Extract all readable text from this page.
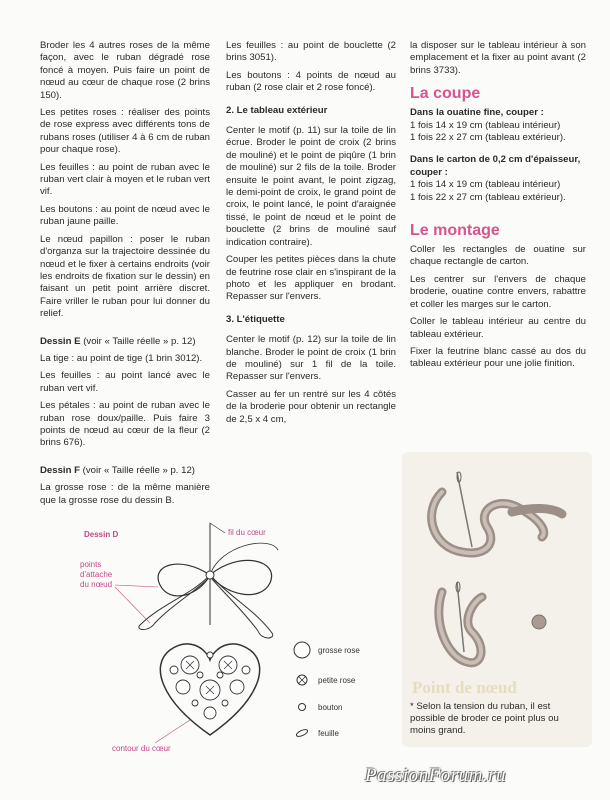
Broder les 4 autres roses de la même façon, avec le ruban dégradé rose foncé à moyen. Puis faire un point de nœud au cœur de chaque rose (2 brins 150).

Les petites roses : réaliser des points de rose express avec différents tons de rubans roses (utiliser 4 à 6 cm de ruban pour chaque rose).

Les feuilles : au point de ruban avec le ruban vert clair à moyen et le ruban vert vif.

Les boutons : au point de nœud avec le ruban jaune paille.

Le nœud papillon : poser le ruban d'organza sur la trajectoire dessinée du nœud et le fixer à certains endroits (voir les endroits de fixation sur le dessin) en faisant un petit point arrière discret. Faire vriller le ruban pour lui donner du relief.

Dessin E (voir « Taille réelle » p. 12)

La tige : au point de tige (1 brin 3012).

Les feuilles : au point lancé avec le ruban vert vif.

Les pétales : au point de ruban avec le ruban rose doux/paille. Puis faire 3 points de nœud au cœur de la fleur (2 brins 676).

Dessin F (voir « Taille réelle » p. 12)

La grosse rose : de la même manière que la grosse rose du dessin B.

Les feuilles : au point de bouclette (2 brins 3051).

Les boutons : 4 points de nœud au ruban (2 rose clair et 2 rose foncé).

2. Le tableau extérieur

Center le motif (p. 11) sur la toile de lin écrue. Broder le point de croix (2 brins de mouliné) et le point de piqûre (1 brin de mouliné) sur 2 fils de la toile. Broder ensuite le point avant, le point zigzag, le demi-point de croix, le grand point de croix, le point lancé, le point d'araignée tissé, le point de nœud et le point de bouclette (2 brins de mouliné sauf indication contraire).

Couper les petites pièces dans la chute de feutrine rose clair en s'inspirant de la photo et les appliquer en brodant. Repasser sur l'envers.

3. L'étiquette

Center le motif (p. 12) sur la toile de lin blanche. Broder le point de croix (1 brin de mouliné) sur 1 fil de la toile. Repasser sur l'envers.

Casser au fer un rentré sur les 4 côtés de la broderie pour obtenir un rectangle de 2,5 x 4 cm,

la disposer sur le tableau intérieur à son emplacement et la fixer au point avant (2 brins 3733).

La coupe
Dans la ouatine fine, couper :
1 fois 14 x 19 cm (tableau intérieur)
1 fois 22 x 27 cm (tableau extérieur).
Dans le carton de 0,2 cm d'épaisseur, couper :
1 fois 14 x 19 cm (tableau intérieur)
1 fois 22 x 27 cm (tableau extérieur).
Le montage

Coller les rectangles de ouatine sur chaque rectangle de carton.

Les centrer sur l'envers de chaque broderie, ouatine contre envers, rabattre et coller les marges sur le carton.

Coller le tableau intérieur au centre du tableau extérieur.

Fixer la feutrine blanc cassé au dos du tableau extérieur pour une jolie finition.

Dessin D	fil du cœur
points d'attache du nœud
contour du cœur
grosse rose
petite rose
bouton
feuille
Point de nœud
* Selon la tension du ruban, il est possible de broder ce point plus ou moins grand.
PassionForum.ru
